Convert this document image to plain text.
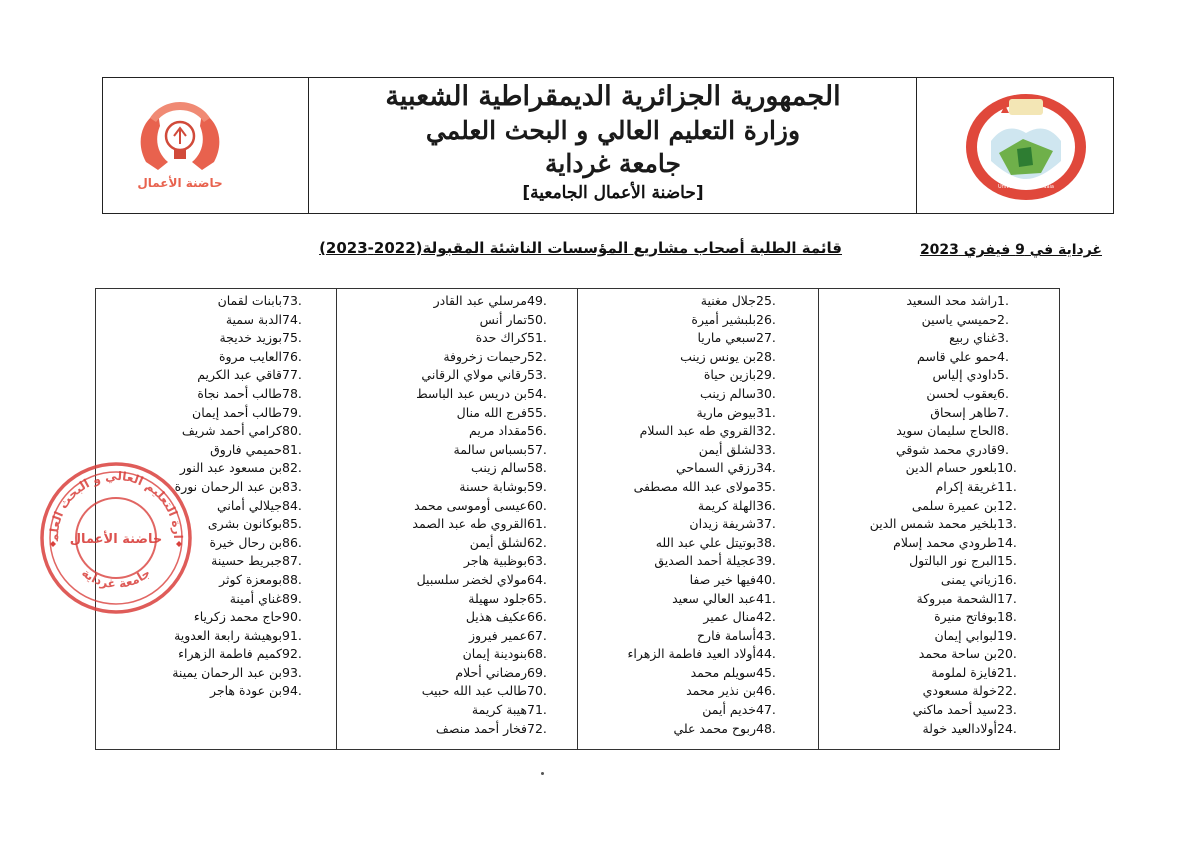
حاضنة الأعمال
الجمهورية الجزائرية الديمقراطية الشعبية
وزارة التعليم العالي و البحث العلمي
جامعة غرداية
[حاضنة الأعمال الجامعية]	University of Ghardaia
قائمة الطلبة أصحاب مشاريع المؤسسات الناشئة المقبولة(2022-2023)	غرداية في 9 فيفري 2023
1.راشد محد السعيد
2.حميسي ياسين
3.غناي ربيع
4.حمو علي قاسم
5.داودي إلياس
6.يعقوب لحسن
7.طاهر إسحاق
8.الحاج سليمان سويد
9.قادري محمد شوقي
10.بلعور حسام الدين
11.غريقة إكرام
12.بن عميرة سلمى
13.بلخير محمد شمس الدين
14.طرودي محمد إسلام
15.البرج نور البالتول
16.زياني يمنى
17.الشحمة مبروكة
18.بوفاتح منيرة
19.لبوابي إيمان
20.بن ساحة محمد
21.فايزة لملومة
22.خولة مسعودي
23.سيد أحمد ماكني
24.أولادالعيد خولة
25.جلال مغنية
26.بلبشير أميرة
27.سبعي ماريا
28.بن يونس زينب
29.بازين حياة
30.سالم زينب
31.بيوض مارية
32.القروي طه عبد السلام
33.لشلق أيمن
34.رزقي السماحي
35.مولاى عبد الله مصطفى
36.الهلة كريمة
37.شريفة زيدان
38.بوتيتل علي عبد الله
39.عجيلة أحمد الصديق
40.فيها خير صفا
41.عبد العالي سعيد
42.منال عمير
43.أسامة فارح
44.أولاد العيد فاطمة الزهراء
45.سويلم محمد
46.بن نذير محمد
47.خديم أيمن
48.ربوح محمد علي
49.مرسلي عبد القادر
50.تمار أنس
51.كراك حدة
52.رحيمات زخروفة
53.رقاني مولاي الرقاني
54.بن دريس عبد الباسط
55.فرج الله منال
56.مقداد مريم
57.بسباس سالمة
58.سالم زينب
59.بوشابة حسنة
60.عيسى أوموسى محمد
61.القروي طه عبد الصمد
62.لشلق أيمن
63.بوظبية هاجر
64.مولاي لخضر سلسبيل
65.جلود سهيلة
66.عكيف هذيل
67.عمير فيروز
68.بنودينة إيمان
69.رمضاني أحلام
70.طالب عبد الله حبيب
71.هيبة كريمة
72.فخار أحمد منصف
73.بابنات لقمان
74.الدبة سمية
75.بوزيد خديجة
76.العايب مروة
77.قاقي عبد الكريم
78.طالب أحمد نجاة
79.طالب أحمد إيمان
80.كرامي أحمد شريف
81.حميمي فاروق
82.بن مسعود عبد النور
83.بن عبد الرحمان نورة
84.جيلالي أماني
85.بوكانون بشرى
86.بن رحال خيرة
87.جبريط حسينة
88.بومعزة كوثر
89.غناي أمينة
90.حاج محمد زكرياء
91.بوهيشة رابعة العدوية
92.كميم فاطمة الزهراء
93.بن عبد الرحمان يمينة
94.بن عودة هاجر
ارة التعليم العالي و البحث العلم
جامعة غرداية
حاضنة الأعمال
